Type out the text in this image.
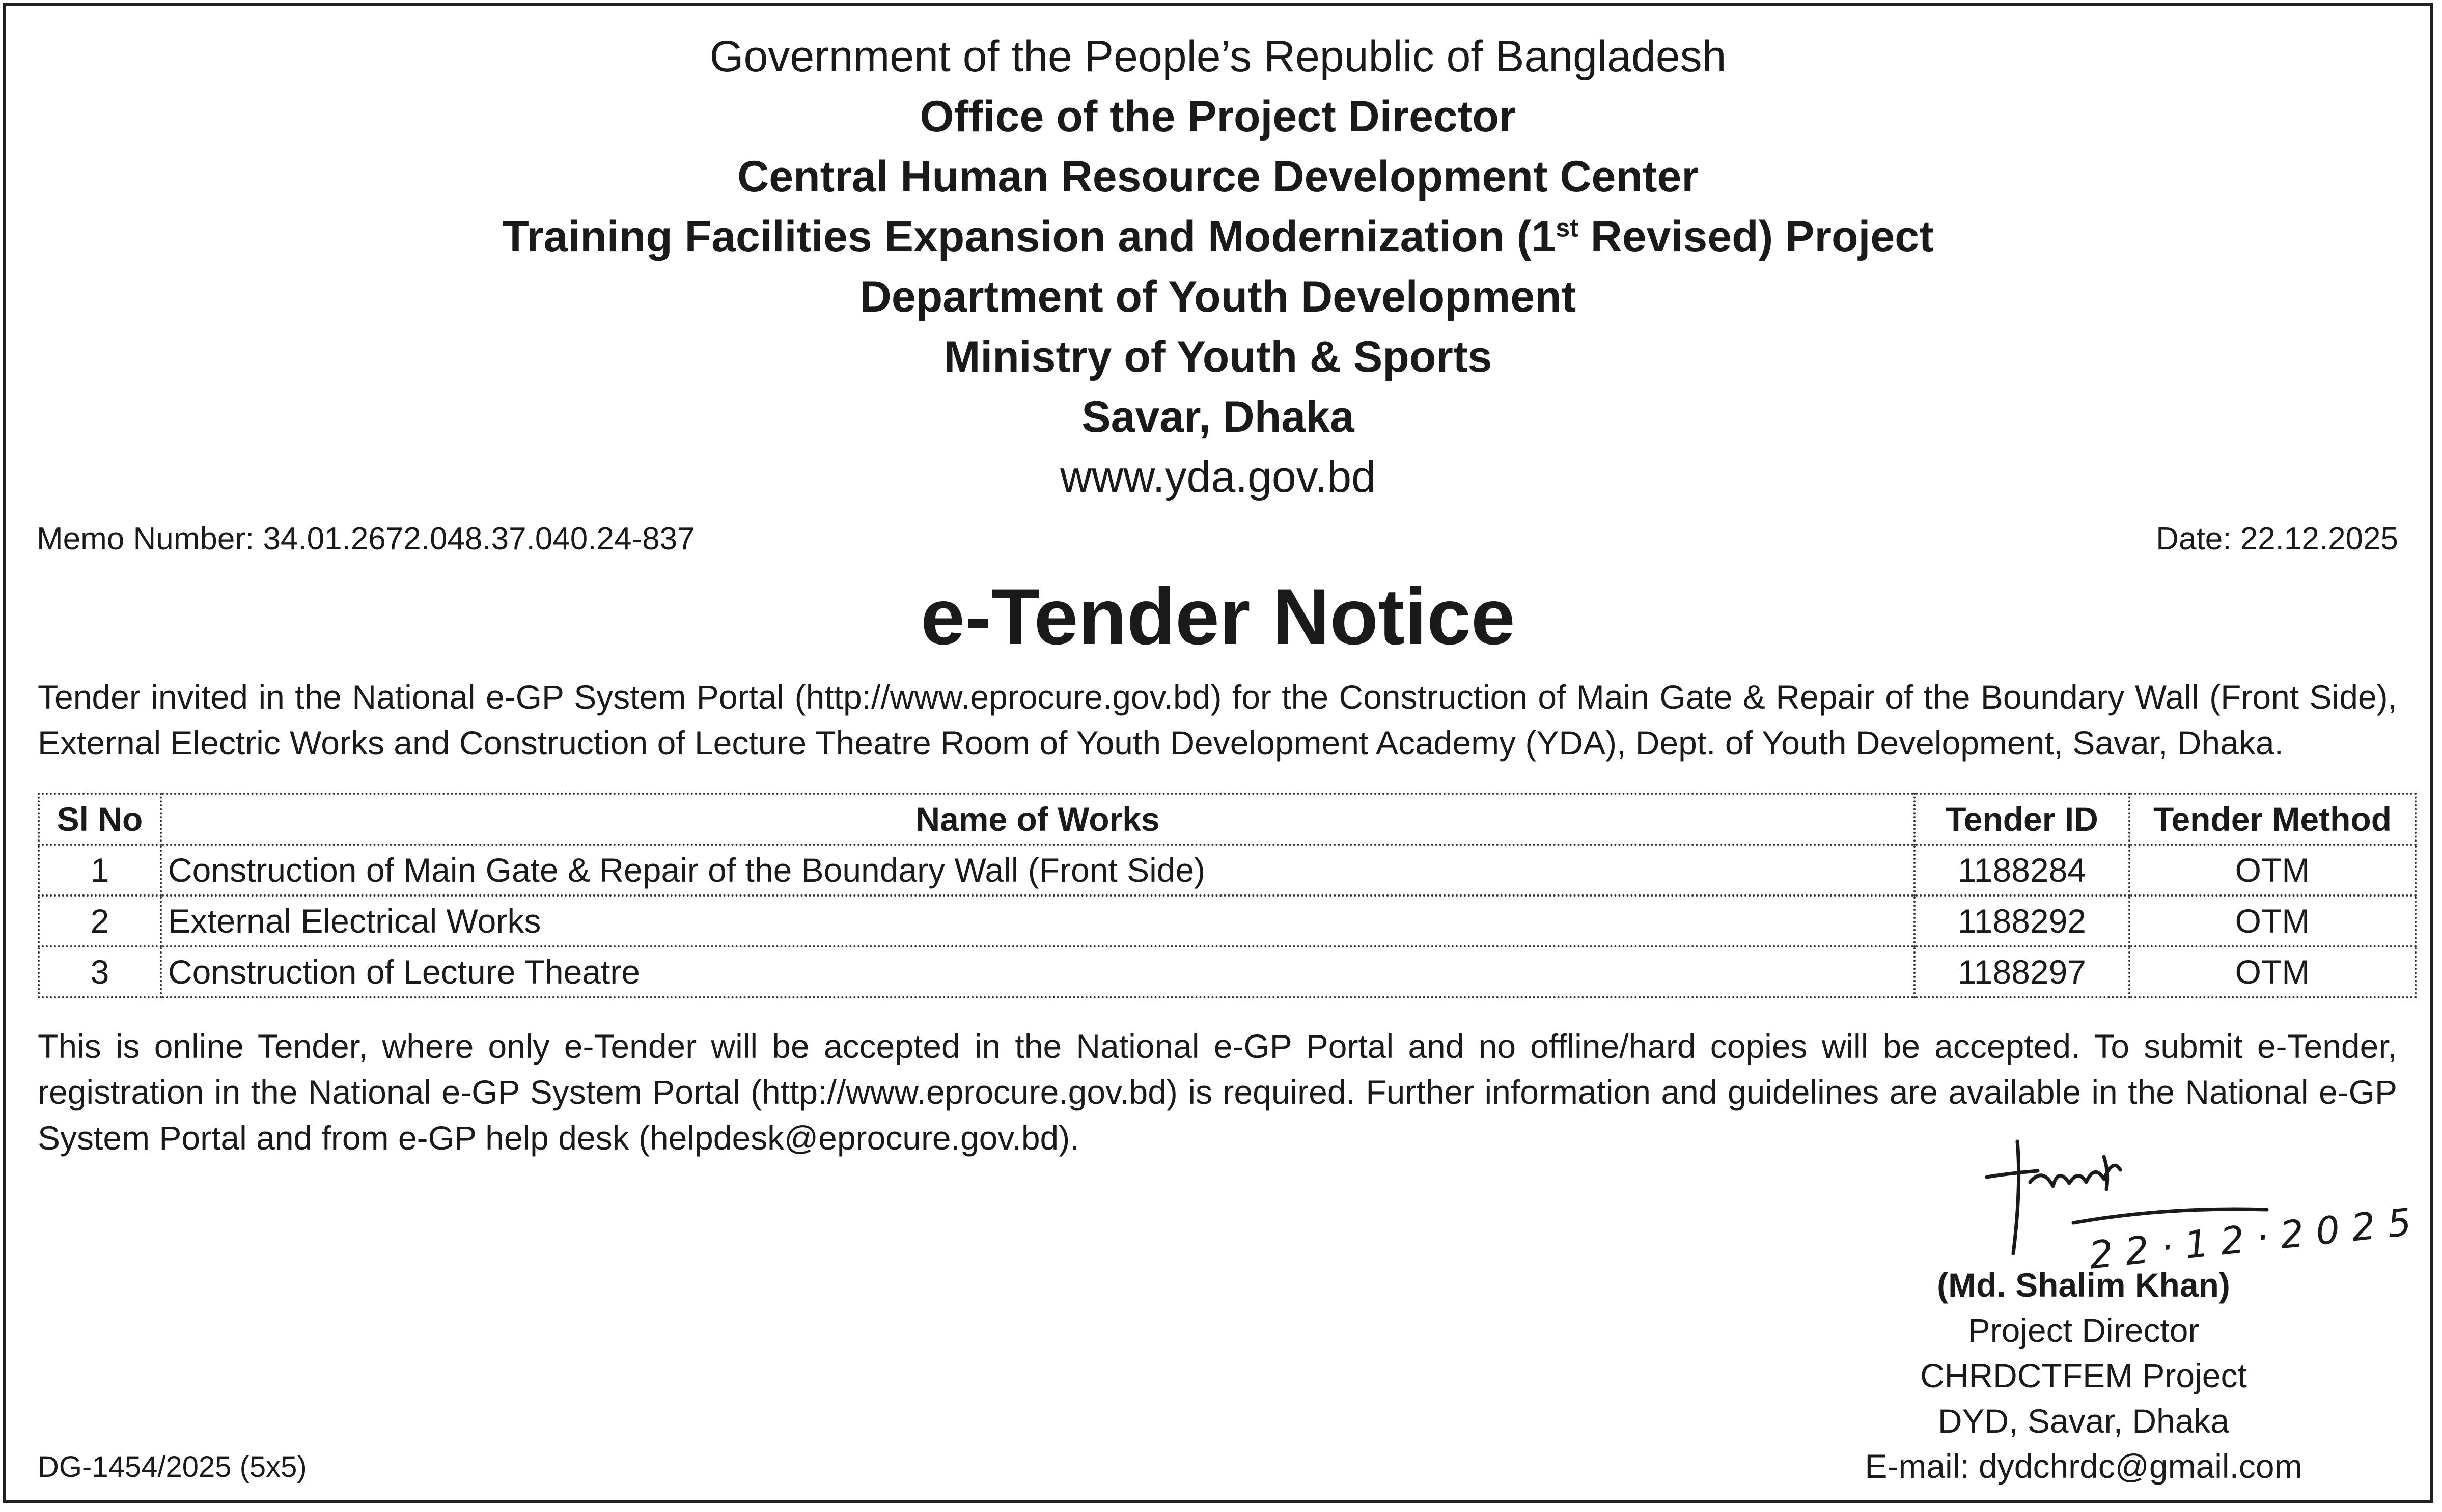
Government of the People’s Republic of Bangladesh
Office of the Project Director
Central Human Resource Development Center
Training Facilities Expansion and Modernization (1st Revised) Project
Department of Youth Development
Ministry of Youth & Sports
Savar, Dhaka
www.yda.gov.bd
Memo Number: 34.01.2672.048.37.040.24-837	Date: 22.12.2025
e-Tender Notice
Tender invited in the National e-GP System Portal (http://www.eprocure.gov.bd) for the Construction of Main Gate & Repair of the Boundary Wall (Front Side), External Electric Works and Construction of Lecture Theatre Room of Youth Development Academy (YDA), Dept. of Youth Development, Savar, Dhaka.
Sl No	Name of Works	Tender ID	Tender Method
1	Construction of Main Gate & Repair of the Boundary Wall (Front Side)	1188284	OTM
2	External Electrical Works	1188292	OTM
3	Construction of Lecture Theatre	1188297	OTM
This is online Tender, where only e-Tender will be accepted in the National e-GP Portal and no offline/hard copies will be accepted. To submit e-Tender, registration in the National e-GP System Portal (http://www.eprocure.gov.bd) is required. Further information and guidelines are available in the National e-GP System Portal and from e-GP help desk (helpdesk@eprocure.gov.bd).
2 2 · 1 2 · 2 0 2 5
(Md. Shalim Khan)
Project Director
CHRDCTFEM Project
DYD, Savar, Dhaka
E-mail: dydchrdc@gmail.com
DG-1454/2025 (5x5)
